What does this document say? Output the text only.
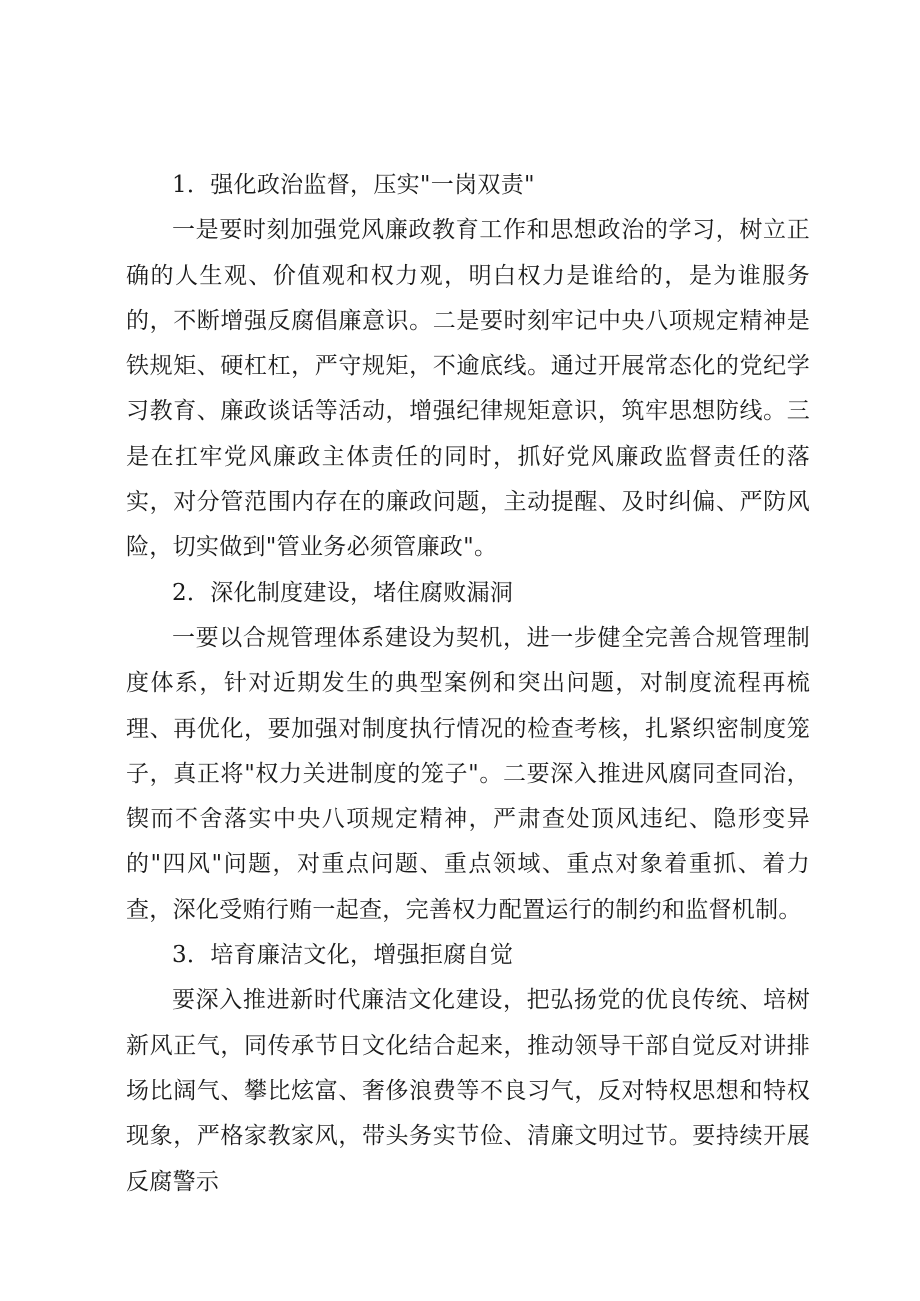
1．强化政治监督，压实"一岗双责"

一是要时刻加强党风廉政教育工作和思想政治的学习，树立正确的人生观、价值观和权力观，明白权力是谁给的，是为谁服务的，不断增强反腐倡廉意识。二是要时刻牢记中央八项规定精神是铁规矩、硬杠杠，严守规矩，不逾底线。通过开展常态化的党纪学习教育、廉政谈话等活动，增强纪律规矩意识，筑牢思想防线。三是在扛牢党风廉政主体责任的同时，抓好党风廉政监督责任的落实，对分管范围内存在的廉政问题，主动提醒、及时纠偏、严防风险，切实做到"管业务必须管廉政"。

2．深化制度建设，堵住腐败漏洞

一要以合规管理体系建设为契机，进一步健全完善合规管理制度体系，针对近期发生的典型案例和突出问题，对制度流程再梳理、再优化，要加强对制度执行情况的检查考核，扎紧织密制度笼子，真正将"权力关进制度的笼子"。二要深入推进风腐同查同治，锲而不舍落实中央八项规定精神，严肃查处顶风违纪、隐形变异的"四风"问题，对重点问题、重点领域、重点对象着重抓、着力查，深化受贿行贿一起查，完善权力配置运行的制约和监督机制。

3．培育廉洁文化，增强拒腐自觉

要深入推进新时代廉洁文化建设，把弘扬党的优良传统、培树新风正气，同传承节日文化结合起来，推动领导干部自觉反对讲排场比阔气、攀比炫富、奢侈浪费等不良习气，反对特权思想和特权现象，严格家教家风，带头务实节俭、清廉文明过节。要持续开展反腐警示
